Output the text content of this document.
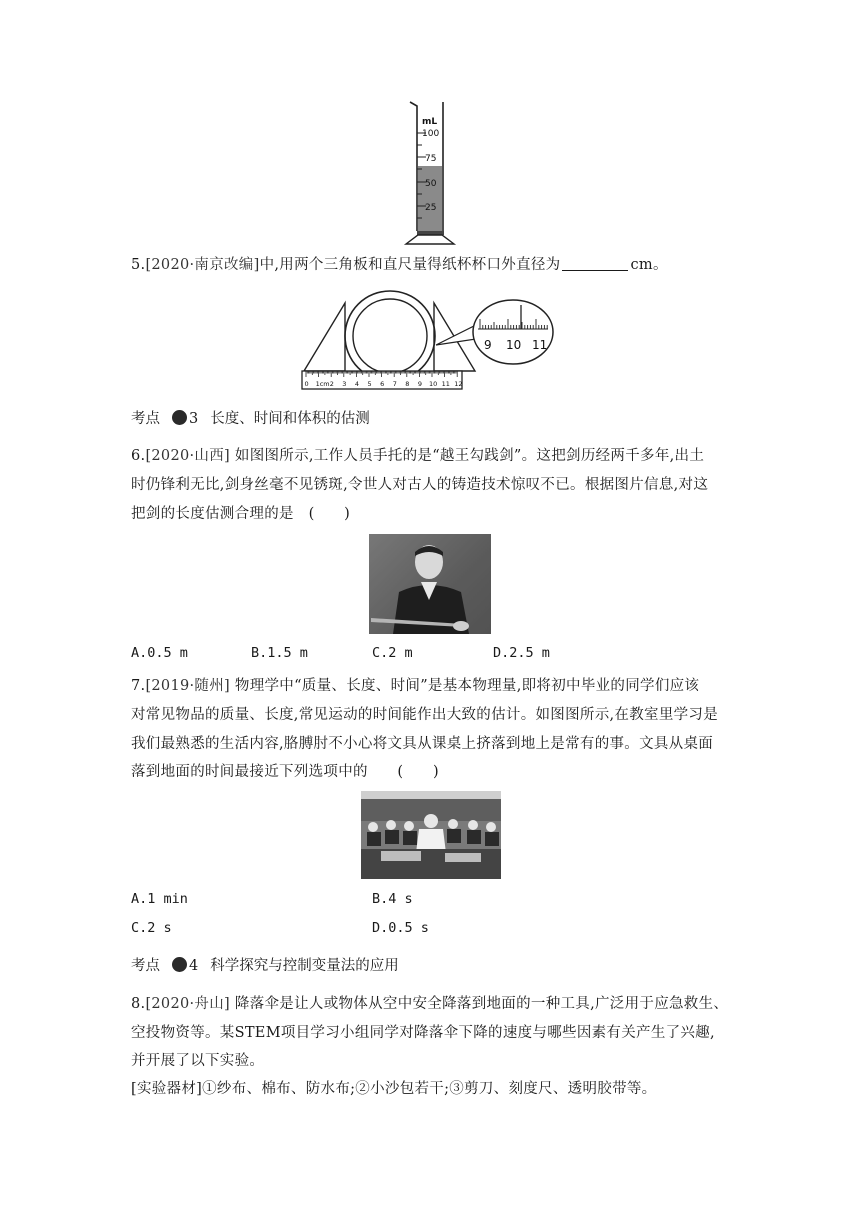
mL
100
75
50
25
5.[2020·南京改编]中,用两个三角板和直尺量得纸杯杯口外直径为	cm。
0 1cm 2 3 4 5 6 7 8 9 10 11 12
9 10 11
考点 3 长度、时间和体积的估测
6.[2020·山西] 如图图所示,工作人员手托的是“越王勾践剑”。这把剑历经两千多年,出土
时仍锋利无比,剑身丝毫不见锈斑,令世人对古人的铸造技术惊叹不已。根据图片信息,对这
把剑的长度估测合理的是　(　　)
A.0.5 m	B.1.5 m	C.2 m	D.2.5 m
7.[2019·随州] 物理学中“质量、长度、时间”是基本物理量,即将初中毕业的同学们应该
对常见物品的质量、长度,常见运动的时间能作出大致的估计。如图图所示,在教室里学习是
我们最熟悉的生活内容,胳膊肘不小心将文具从课桌上挤落到地上是常有的事。文具从桌面
落到地面的时间最接近下列选项中的　　(　　)
A.1 min	B.4 s
C.2 s	D.0.5 s
考点 4 科学探究与控制变量法的应用
8.[2020·舟山] 降落伞是让人或物体从空中安全降落到地面的一种工具,广泛用于应急救生、
空投物资等。某STEM项目学习小组同学对降落伞下降的速度与哪些因素有关产生了兴趣,
并开展了以下实验。
[实验器材]①纱布、棉布、防水布;②小沙包若干;③剪刀、刻度尺、透明胶带等。
